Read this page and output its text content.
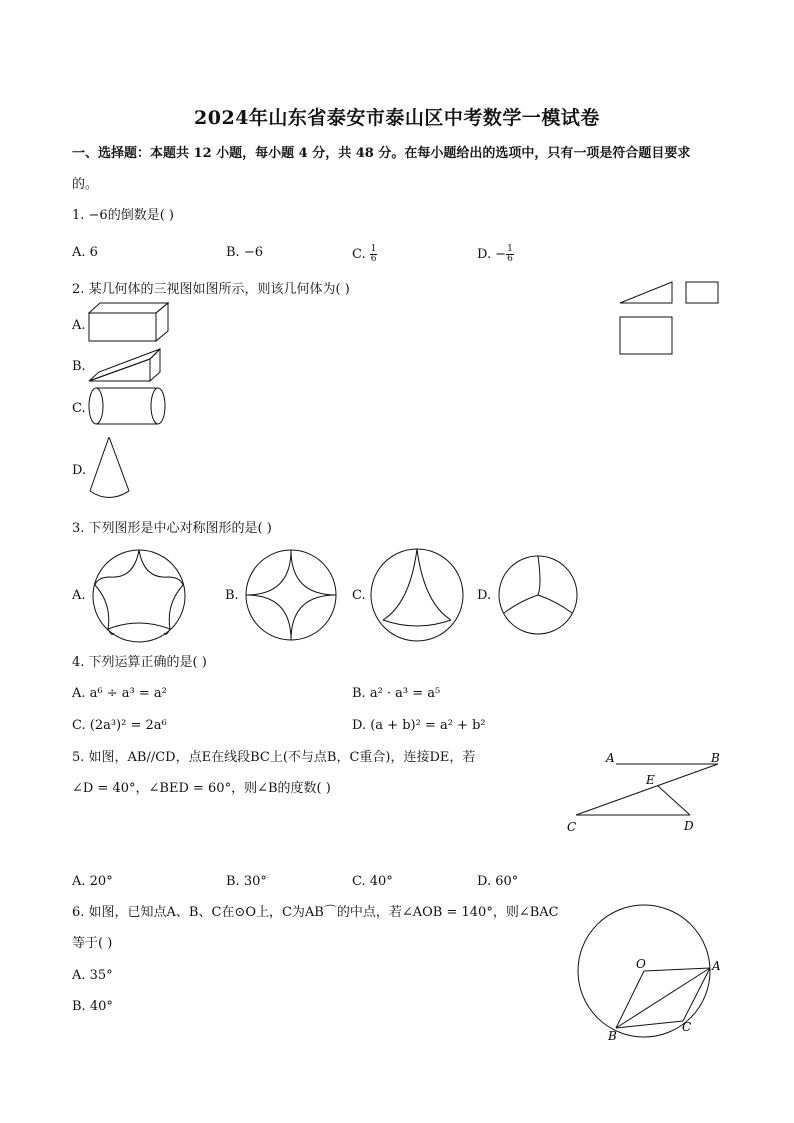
2024年山东省泰安市泰山区中考数学一模试卷
一、选择题：本题共 12 小题，每小题 4 分，共 48 分。在每小题给出的选项中，只有一项是符合题目要求
的。
1. −6的倒数是( )
A. 6	B. −6	C. $\frac{1}{6}$	D. − $\frac{1}{6}$
2. 某几何体的三视图如图所示，则该几何体为( )
A.
B.
C.
D.
3. 下列图形是中心对称图形的是( )
A.	B.	C.	D.
4. 下列运算正确的是( )
A. a⁶ ÷ a³ = a²	B. a² · a³ = a⁵
C. (2a³)² = 2a⁶	D. (a + b)² = a² + b²
5. 如图，AB//CD，点E在线段BC上(不与点B，C重合)，连接DE，若
∠D = 40°，∠BED = 60°，则∠B的度数( )
A	B
C	D
E
A. 20°	B. 30°	C. 40°	D. 60°
6. 如图，已知点A、B、C在⊙O上，C为AB⌒的中点，若∠AOB = 140°，则∠BAC
等于( )
A. 35°
B. 40°
O	A
B
C
